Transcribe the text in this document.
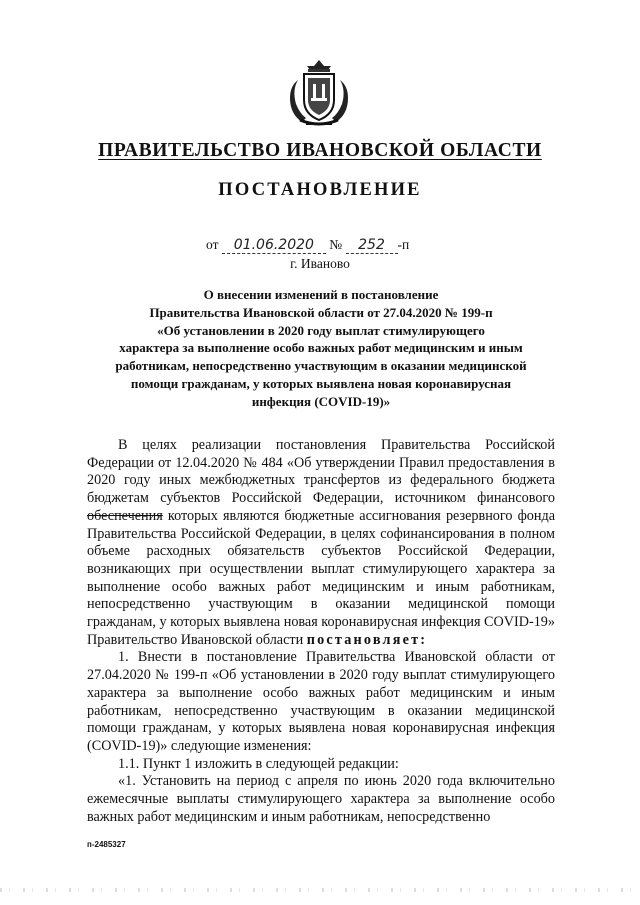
ПРАВИТЕЛЬСТВО ИВАНОВСКОЙ ОБЛАСТИ
ПОСТАНОВЛЕНИЕ
от 01.06.2020 № 252 -п
г. Иваново
О внесении изменений в постановление
Правительства Ивановской области от 27.04.2020 № 199-п
«Об установлении в 2020 году выплат стимулирующего
характера за выполнение особо важных работ медицинским и иным
работникам, непосредственно участвующим в оказании медицинской
помощи гражданам, у которых выявлена новая коронавирусная
инфекция (COVID-19)»

В целях реализации постановления Правительства Российской Федерации от 12.04.2020 № 484 «Об утверждении Правил предоставления в 2020 году иных межбюджетных трансфертов из федерального бюджета бюджетам субъектов Российской Федерации, источником финансового обеспечения которых являются бюджетные ассигнования резервного фонда Правительства Российской Федерации, в целях софинансирования в полном объеме расходных обязательств субъектов Российской Федерации, возникающих при осуществлении выплат стимулирующего характера за выполнение особо важных работ медицинским и иным работникам, непосредственно участвующим в оказании медицинской помощи гражданам, у которых выявлена новая коронавирусная инфекция COVID-19» Правительство Ивановской области постановляет:

1. Внести в постановление Правительства Ивановской области от 27.04.2020 № 199-п «Об установлении в 2020 году выплат стимулирующего характера за выполнение особо важных работ медицинским и иным работникам, непосредственно участвующим в оказании медицинской помощи гражданам, у которых выявлена новая коронавирусная инфекция (COVID-19)» следующие изменения:

1.1. Пункт 1 изложить в следующей редакции:

«1. Установить на период с апреля по июнь 2020 года включительно ежемесячные выплаты стимулирующего характера за выполнение особо важных работ медицинским и иным работникам, непосредственно

п-2485327
